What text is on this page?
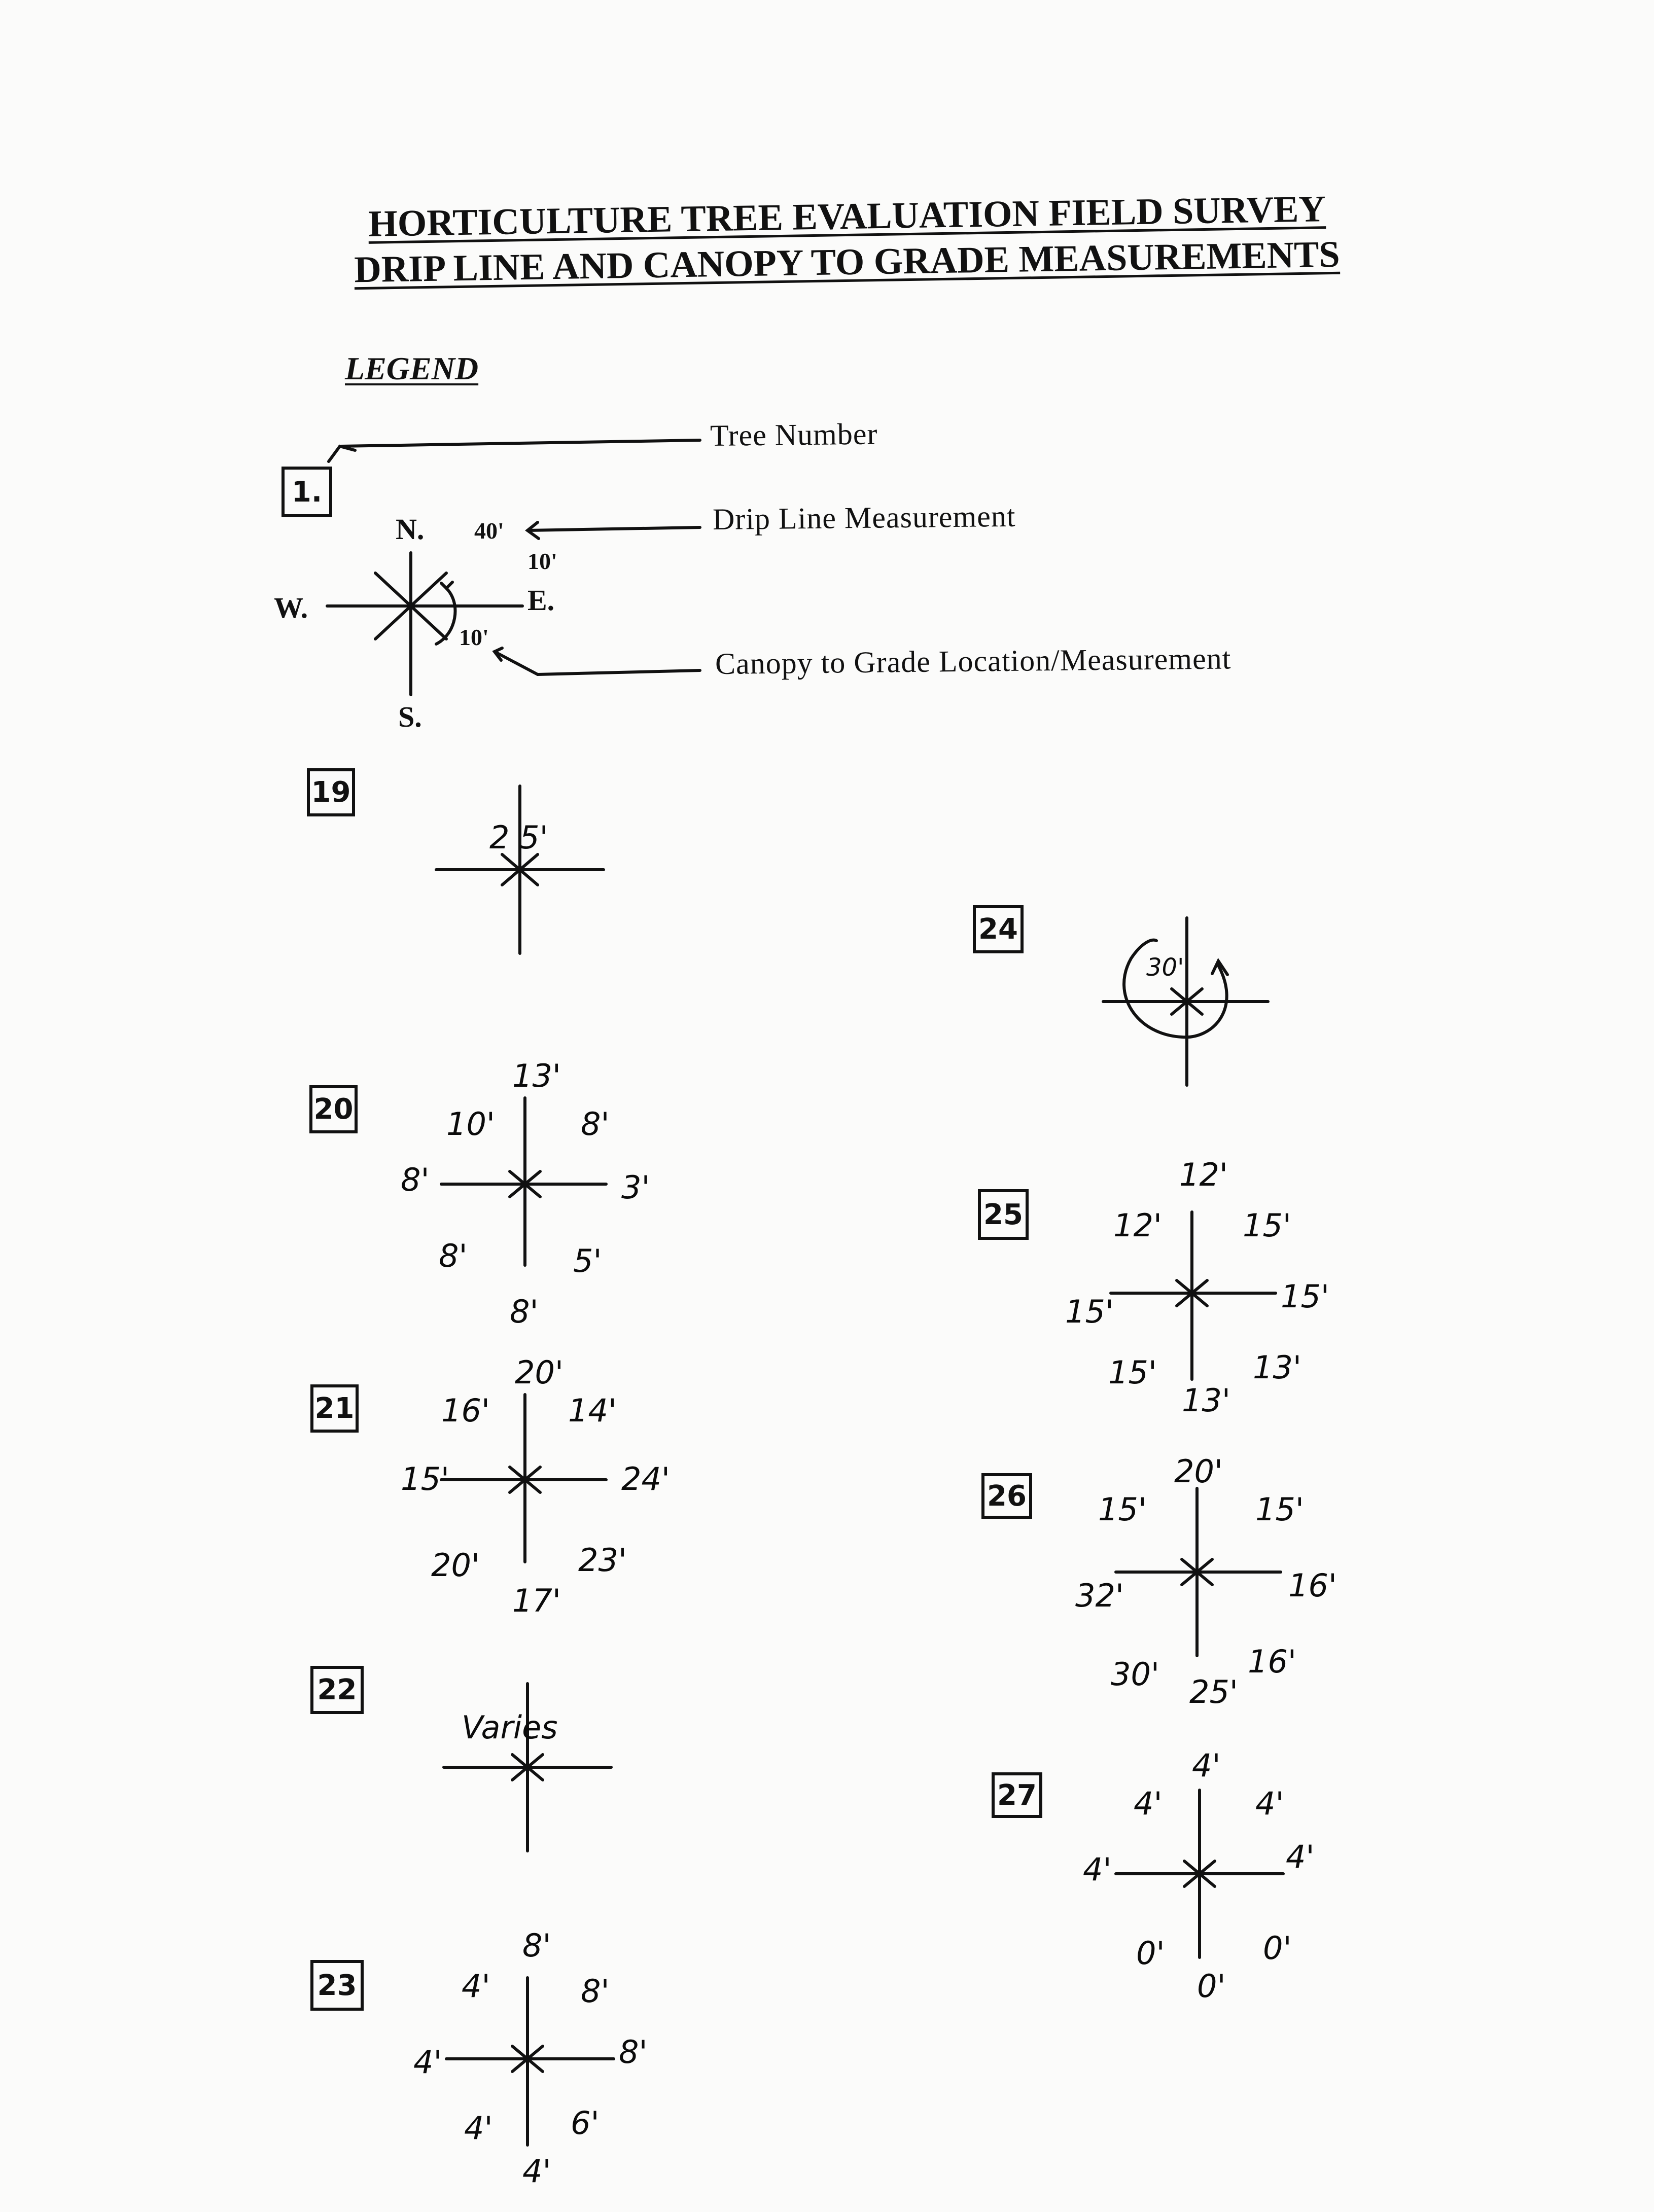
HORTICULTURE TREE EVALUATION FIELD SURVEY
DRIP LINE AND CANOPY TO GRADE MEASUREMENTS
LEGEND
Tree Number
Drip Line Measurement
Canopy to Grade Location/Measurement
1.
N.
S.
E.
W.
40'
10'
10'
19
2 5'
20
13'
10'	8'
8'	3'
8'	5'
8'
21
20'
16' 14'
15'	24'
20'	23'
17'
22
Varies
23
8'
4'	8'
4'	8'
4' 6'
4'
24
30'
25
12'
12'	15'
15'	15'
15'	13'
13'
26
20'
15'	15'
32'	16'
30'	16'
25'
27
4'
4'	4'
4'	4'
0'	0'
0'
